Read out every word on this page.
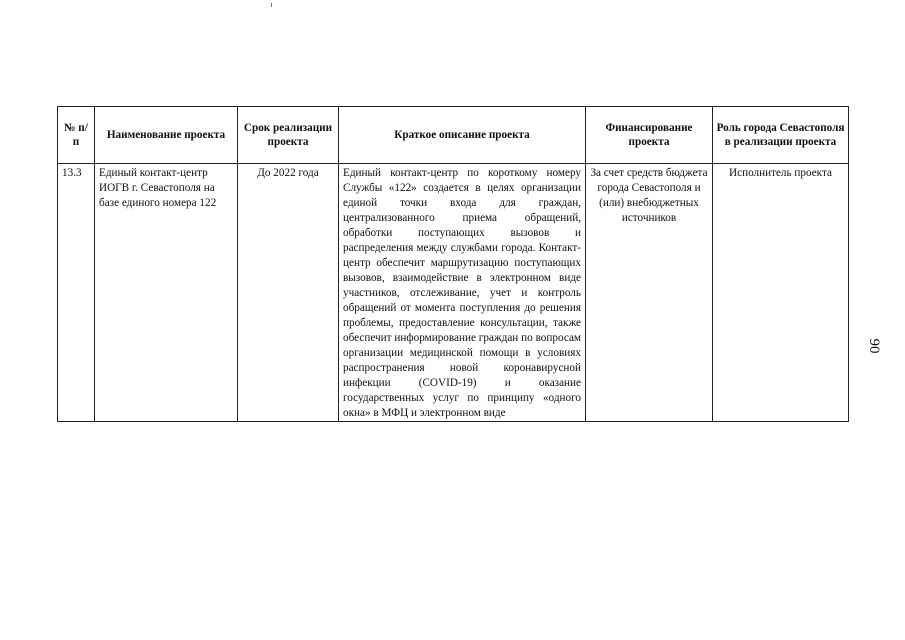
№ п/п	Наименование проекта	Срок реализации проекта	Краткое описание проекта	Финансирование проекта	Роль города Севастополя в реализации проекта
13.3	Единый контакт-центр ИОГВ г. Севастополя на базе единого номера 122	До 2022 года	Единый контакт-центр по короткому номеру Службы «122» создается в целях организации единой точки входа для граждан, централизованного приема обращений, обработки поступающих вызовов и распределения между службами города. Контакт-центр обеспечит маршрутизацию поступающих вызовов, взаимодействие в электронном виде участников, отслеживание, учет и контроль обращений от момента поступления до решения проблемы, предоставление консультации, также обеспечит информирование граждан по вопросам организации медицинской помощи в условиях распространения новой коронавирусной инфекции (COVID-19) и оказание государственных услуг по принципу «одного окна» в МФЦ и электронном виде	За счет средств бюджета города Севастополя и (или) внебюджетных источников	Исполнитель проекта
90
